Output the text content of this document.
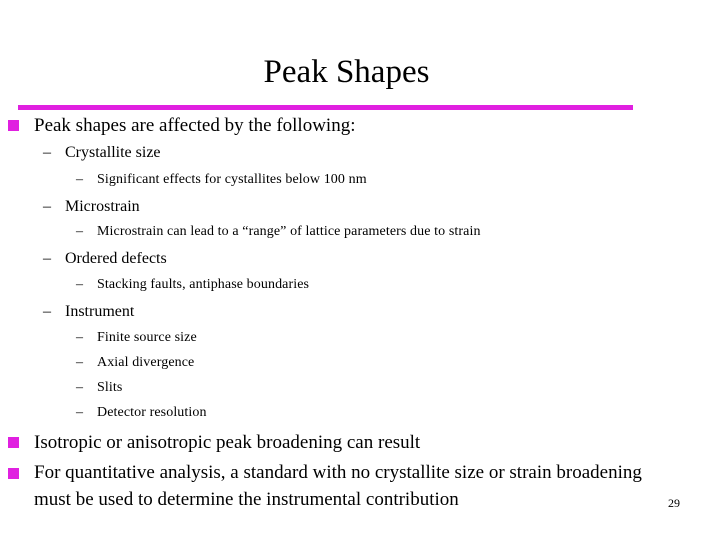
Peak Shapes
Peak shapes are affected by the following:
– Crystallite size
– Significant effects for cystallites below 100 nm
– Microstrain
– Microstrain can lead to a “range” of lattice parameters due to strain
– Ordered defects
– Stacking faults, antiphase boundaries
– Instrument
– Finite source size
– Axial divergence
– Slits
– Detector resolution
Isotropic or anisotropic peak broadening can result
For quantitative analysis, a standard with no crystallite size or strain broadening
must be used to determine the instrumental contribution	29
